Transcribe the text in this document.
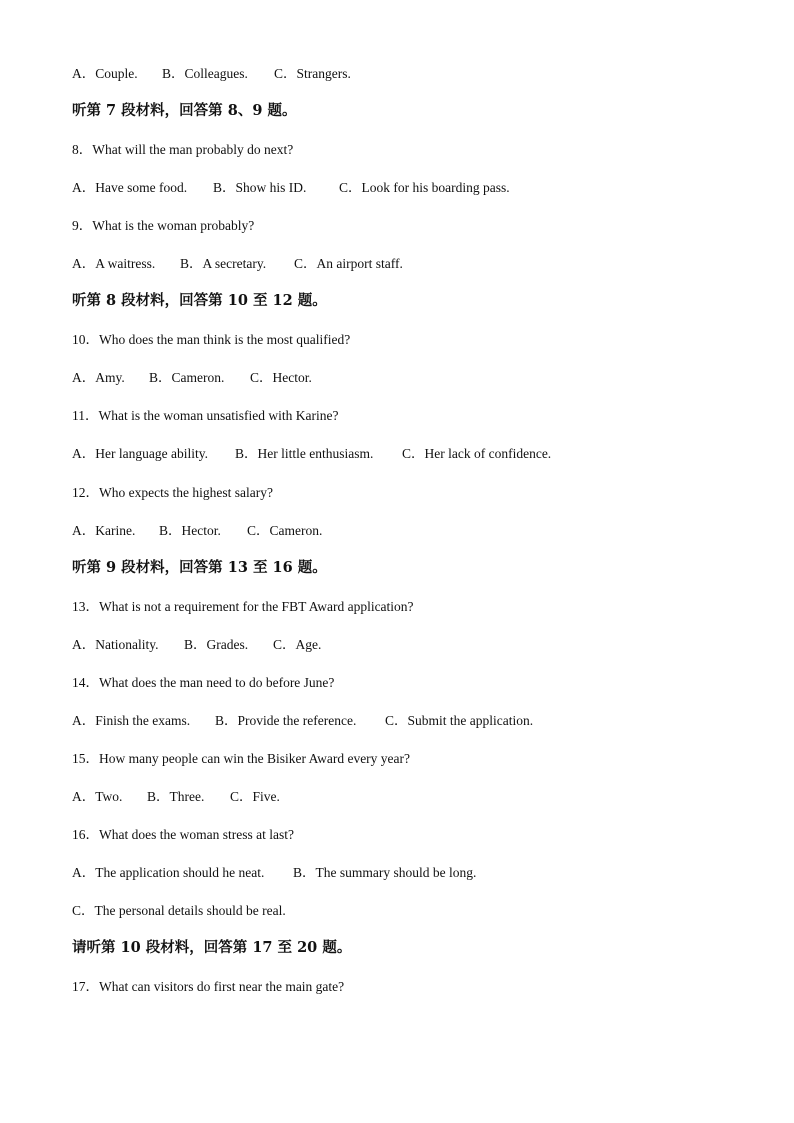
A．Couple. B．Colleagues. C．Strangers.
听第 7 段材料，回答第 8、9 题。
8．What will the man probably do next?
A．Have some food. B．Show his ID. C．Look for his boarding pass.
9．What is the woman probably?
A．A waitress. B．A secretary. C．An airport staff.
听第 8 段材料，回答第 10 至 12 题。
10．Who does the man think is the most qualified?
A．Amy. B．Cameron. C．Hector.
11．What is the woman unsatisfied with Karine?
A．Her language ability. B．Her little enthusiasm. C．Her lack of confidence.
12．Who expects the highest salary?
A．Karine. B．Hector. C．Cameron.
听第 9 段材料，回答第 13 至 16 题。
13．What is not a requirement for the FBT Award application?
A．Nationality. B．Grades. C．Age.
14．What does the man need to do before June?
A．Finish the exams. B．Provide the reference. C．Submit the application.
15．How many people can win the Bisiker Award every year?
A．Two. B．Three. C．Five.
16．What does the woman stress at last?
A．The application should he neat. B．The summary should be long.
C．The personal details should be real.
请听第 10 段材料，回答第 17 至 20 题。
17．What can visitors do first near the main gate?
